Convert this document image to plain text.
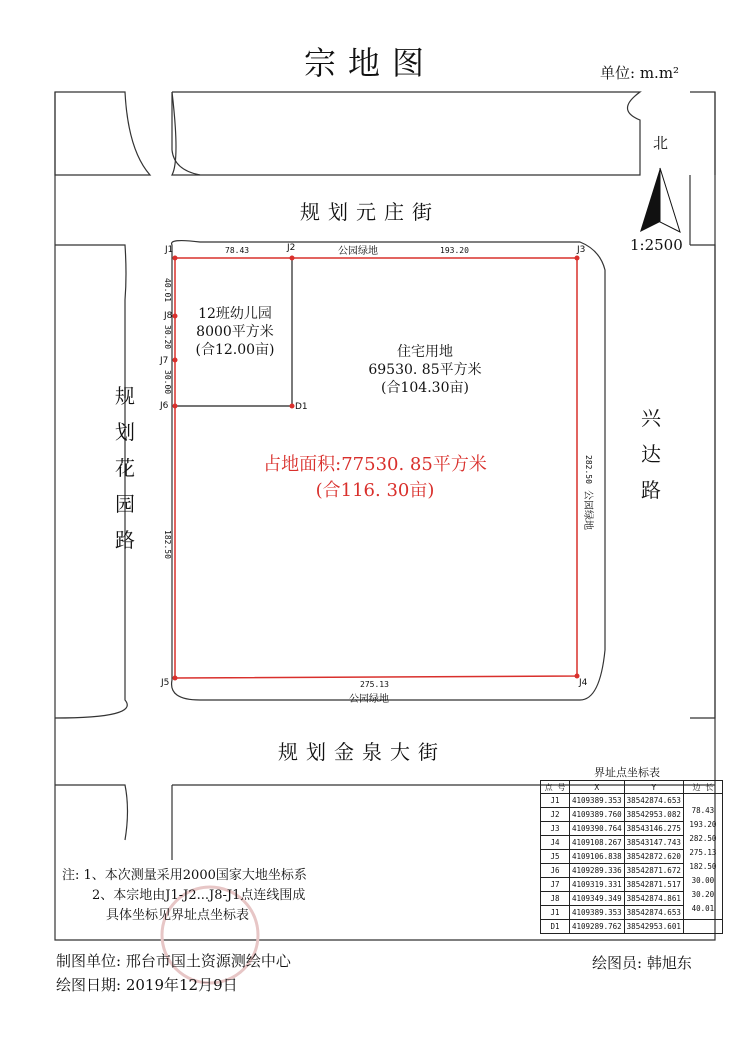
宗地图	单位: m.m²
北
1:2500
规划元庄街
规划金泉大街
规划花园路
兴达路
公园绿地
公园绿地
公园绿地
J1	J2	J3
J4
J5
J6
J7
J8
D1
78.43	193.20
275.13
282.50
182.50
30.00
30.20
40.01
12班幼儿园
8000平方米
(合12.00亩)	住宅用地
69530. 85平方米
(合104.30亩)
占地面积:77530. 85平方米
(合116. 30亩)
界址点坐标表
点 号	X	Y	边 长
J1	4109389.353	38542874.653	78.43
J2	4109389.760	38542953.082	193.20
J3	4109390.764	38543146.275	282.50
J4	4109108.267	38543147.743	275.13
J5	4109106.838	38542872.620	182.50
J6	4109289.336	38542871.672	30.00
J7	4109319.331	38542871.517	30.20
J8	4109349.349	38542874.861	40.01
J1	4109389.353	38542874.653	
D1	4109289.762	38542953.601	
注: 1、本次测量采用2000国家大地坐标系
2、本宗地由J1-J2...J8-J1点连线围成
具体坐标见界址点坐标表
制图单位: 邢台市国土资源测绘中心
绘图日期: 2019年12月9日
绘图员: 韩旭东
